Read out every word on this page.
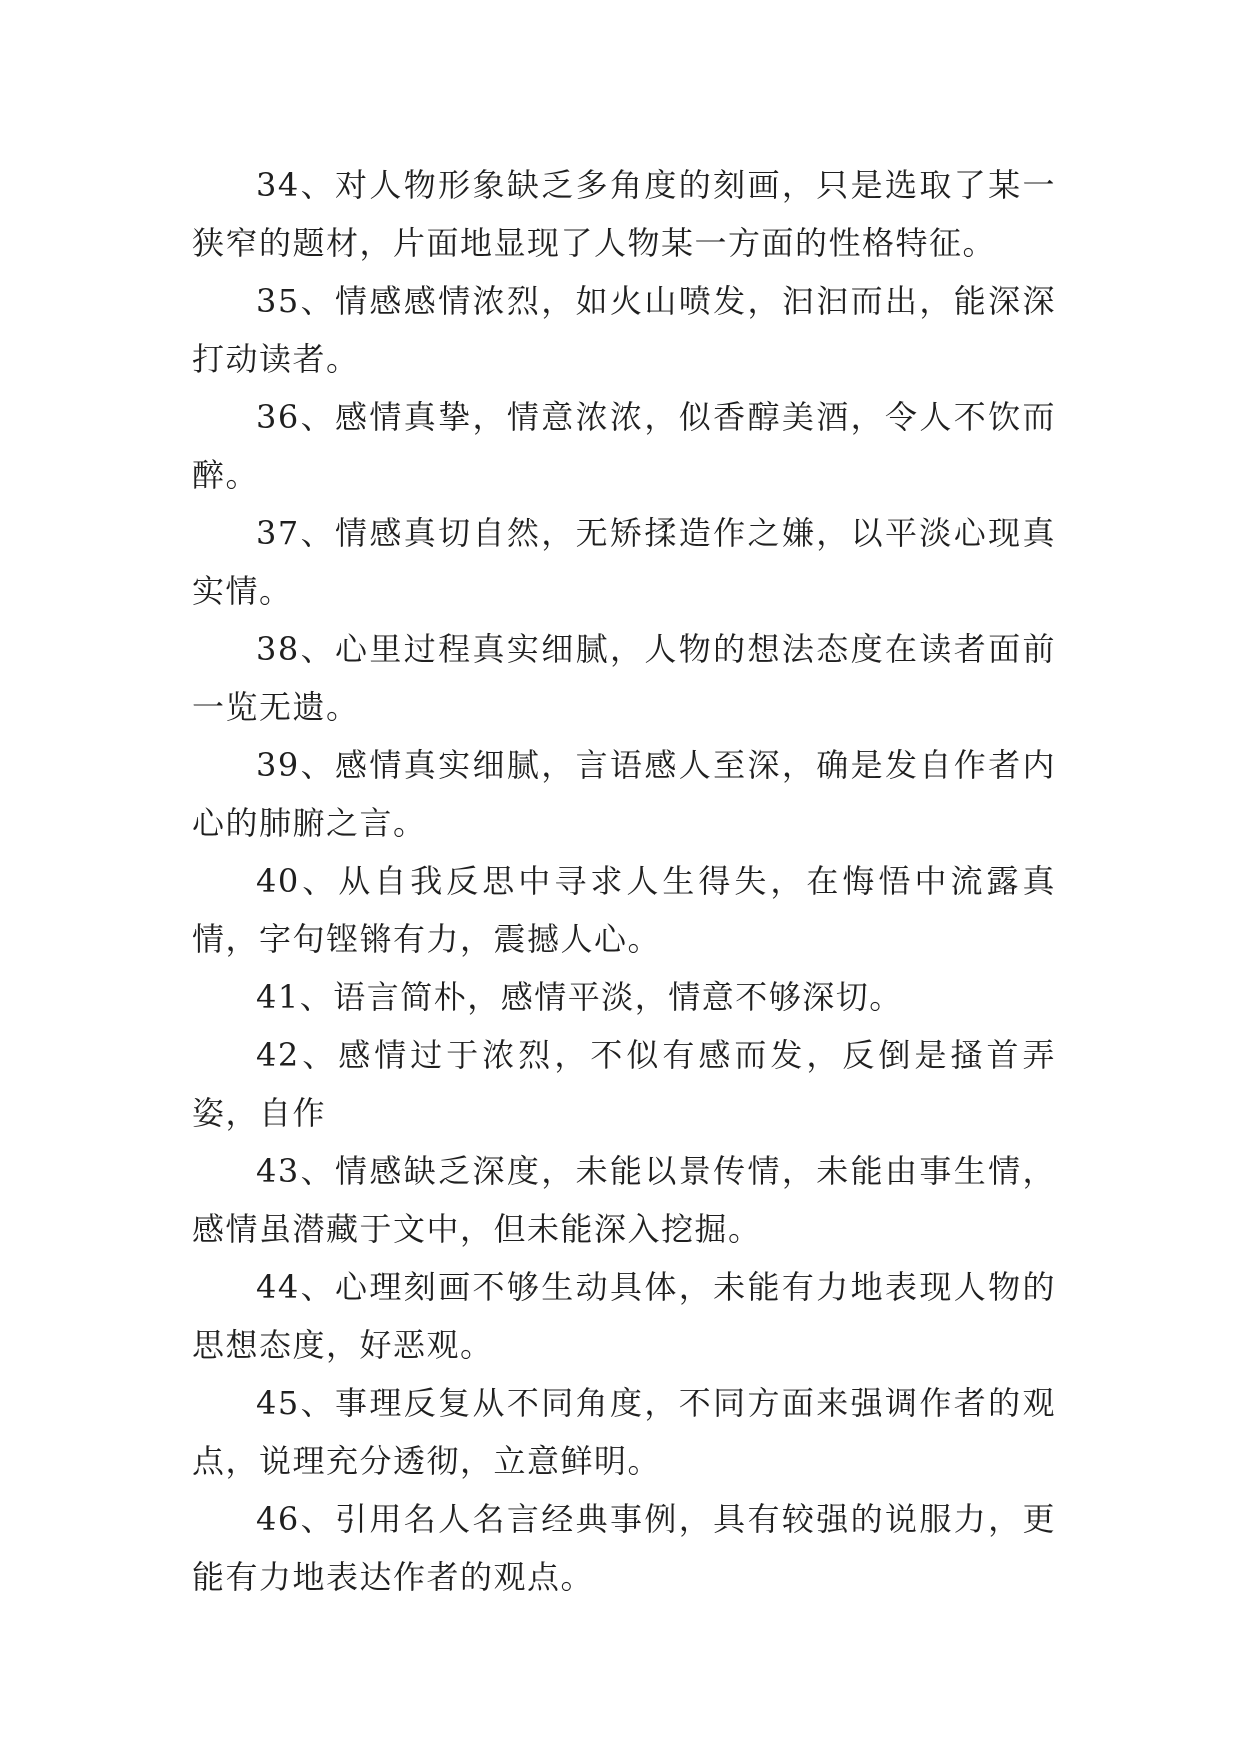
34、对人物形象缺乏多角度的刻画，只是选取了某一狭窄的题材，片面地显现了人物某一方面的性格特征。

35、情感感情浓烈，如火山喷发，汩汩而出，能深深打动读者。

36、感情真挚，情意浓浓，似香醇美酒，令人不饮而醉。

37、情感真切自然，无矫揉造作之嫌，以平淡心现真实情。

38、心里过程真实细腻，人物的想法态度在读者面前一览无遗。

39、感情真实细腻，言语感人至深，确是发自作者内心的肺腑之言。

40、从自我反思中寻求人生得失，在悔悟中流露真情，字句铿锵有力，震撼人心。

41、语言简朴，感情平淡，情意不够深切。

42、感情过于浓烈，不似有感而发，反倒是搔首弄姿，自作

43、情感缺乏深度，未能以景传情，未能由事生情，感情虽潜藏于文中，但未能深入挖掘。

44、心理刻画不够生动具体，未能有力地表现人物的思想态度，好恶观。

45、事理反复从不同角度，不同方面来强调作者的观点，说理充分透彻，立意鲜明。

46、引用名人名言经典事例，具有较强的说服力，更能有力地表达作者的观点。
